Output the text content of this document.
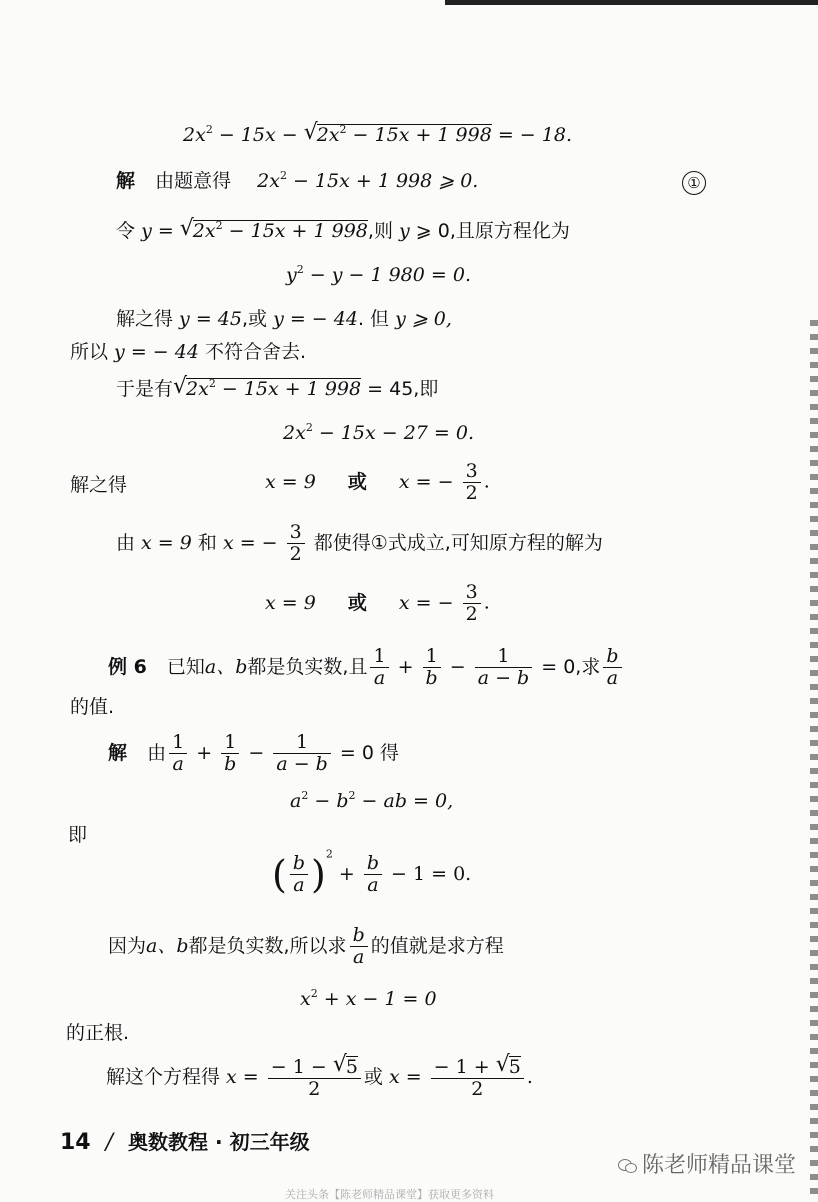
$2x^2 - 15x$ − √ $2x^2 - 15x + 1$ 998 = − 18.
解 由题意得 $2x^2 - 15x + 1$ 998 ⩾ 0.	①
令 y = √ $2x^2 - 15x + 1$ 998,则 y ⩾ 0,且原方程化为
$y^2 - y - 1$ 980 = 0.
解之得 y = 45,或 y = − 44. 但 y ⩾ 0,
所以 y = − 44 不符合舍去.
于是有√ $2x^2 - 15x + 1$ 998 = 45,即
$2x^2 - 15x - 27 = 0$.
解之得	x = 9 或 x = − $\frac{3}{2}$ .
由 x = 9 和 x = − $\frac{3}{2}$ 都使得①式成立,可知原方程的解为
x = 9 或 x = − $\frac{3}{2}$ .
例 6 已知a、b都是负实数,且 $\frac{1}{a} + \frac{1}{b} - \frac{1}{a - b} = 0$,求 $\frac{b}{a}$
的值.
解 由 $\frac{1}{a} + \frac{1}{b} - \frac{1}{a - b} = 0$ 得
$a^2 - b^2$ − ab = 0,
即
( $\frac{b}{a} )^2 + \frac{b}{a} - 1 = 0$.
因为a、b都是负实数,所以求 $\frac{b}{a}$ 的值就是求方程
$x^2 + x - 1 = 0$
的正根.
解这个方程得 $x = \frac{- 1 - √ 5}{2}$ 或 $x = \frac{- 1 + √ 5}{2}$ .
14 / 奥数教程 · 初三年级
陈老师精品课堂
关注头条【陈老师精品课堂】获取更多资料
